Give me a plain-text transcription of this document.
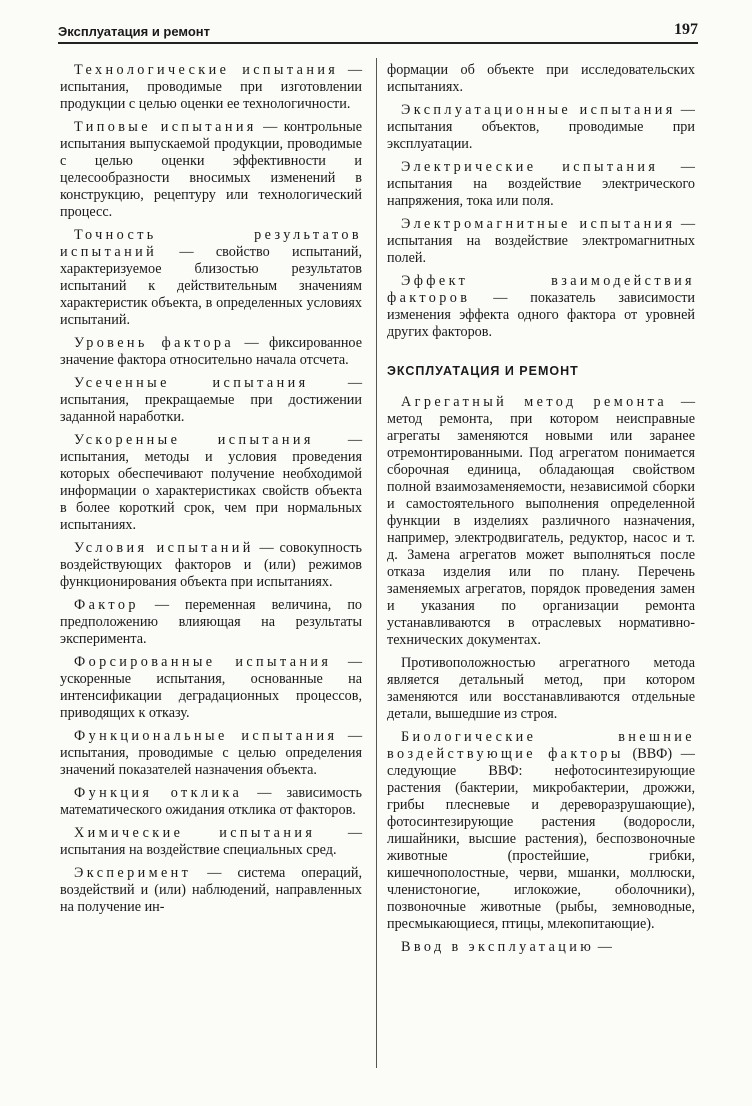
Эксплуатация и ремонт	197

Технологические испытания — испытания, проводимые при изготовлении продукции с целью оценки ее технологичности.

Типовые испытания — контрольные испытания выпускаемой продукции, проводимые с целью оценки эффективности и целесообразности вносимых изменений в конструкцию, рецептуру или технологический процесс.

Точность результатов испытаний — свойство испытаний, характеризуемое близостью результатов испытаний к действительным значениям характеристик объекта, в определенных условиях испытаний.

Уровень фактора — фиксированное значение фактора относительно начала отсчета.

Усеченные испытания — испытания, прекращаемые при достижении заданной наработки.

Ускоренные испытания — испытания, методы и условия проведения которых обеспечивают получение необходимой информации о характеристиках свойств объекта в более короткий срок, чем при нормальных испытаниях.

Условия испытаний — совокупность воздействующих факторов и (или) режимов функционирования объекта при испытаниях.

Фактор — переменная величина, по предположению влияющая на результаты эксперимента.

Форсированные испытания — ускоренные испытания, основанные на интенсификации деградационных процессов, приводящих к отказу.

Функциональные испытания — испытания, проводимые с целью определения значений показателей назначения объекта.

Функция отклика — зависимость математического ожидания отклика от факторов.

Химические испытания — испытания на воздействие специальных сред.

Эксперимент — система операций, воздействий и (или) наблюдений, направленных на получение ин-

формации об объекте при исследовательских испытаниях.

Эксплуатационные испытания — испытания объектов, проводимые при эксплуатации.

Электрические испытания — испытания на воздействие электрического напряжения, тока или поля.

Электромагнитные испытания — испытания на воздействие электромагнитных полей.

Эффект взаимодействия факторов — показатель зависимости изменения эффекта одного фактора от уровней других факторов.

ЭКСПЛУАТАЦИЯ И РЕМОНТ

Агрегатный метод ремонта — метод ремонта, при котором неисправные агрегаты заменяются новыми или заранее отремонтированными. Под агрегатом понимается сборочная единица, обладающая свойством полной взаимозаменяемости, независимой сборки и самостоятельного выполнения определенной функции в изделиях различного назначения, например, электродвигатель, редуктор, насос и т. д. Замена агрегатов может выполняться после отказа изделия или по плану. Перечень заменяемых агрегатов, порядок проведения замен и указания по организации ремонта устанавливаются в отраслевых нормативно-технических документах.

Противоположностью агрегатного метода является детальный метод, при котором заменяются или восстанавливаются отдельные детали, вышедшие из строя.

Биологические внешние воздействующие факторы (ВВФ) — следующие ВВФ: нефотосинтезирующие растения (бактерии, микробактерии, дрожжи, грибы плесневые и дереворазрушающие), фотосинтезирующие растения (водоросли, лишайники, высшие растения), беспозвоночные животные (простейшие, грибки, кишечнополостные, черви, мшанки, моллюски, членистоногие, иглокожие, оболочники), позвоночные животные (рыбы, земноводные, пресмыкающиеся, птицы, млекопитающие).

Ввод в эксплуатацию —
